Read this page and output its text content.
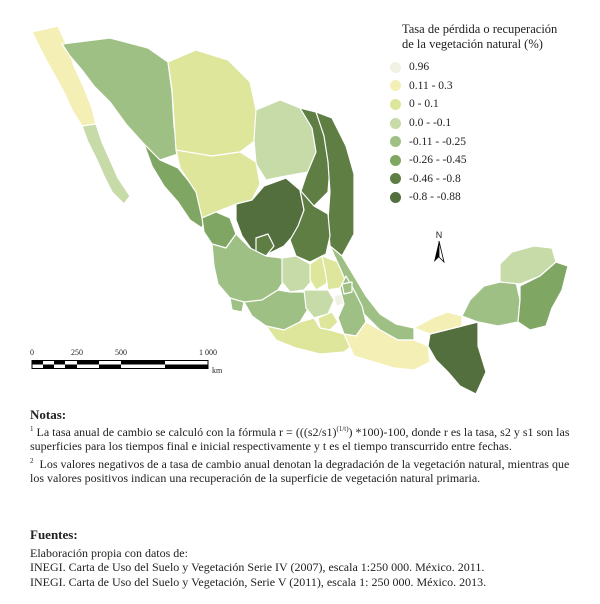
Tasa de pérdida o recuperación
de la vegetación natural (%)
0.96
0.11 - 0.3
0 - 0.1
0.0 - -0.1
-0.11 - -0.25
-0.26 - -0.45
-0.46 - -0.8
-0.8 - -0.88
0	250	500	1 000
km
N
Notas:

$^1$ La tasa anual de cambio se calculó con la fórmula $r = (((s2/s1)^{(1/t)})$ *100)-100, donde r es la tasa, s2 y s1 son las superficies para los tiempos final e inicial respectivamente y t es el tiempo transcurrido entre fechas.

$^2$ Los valores negativos de a tasa de cambio anual denotan la degradación de la vegetación natural, mientras que los valores positivos indican una recuperación de la superficie de vegetación natural primaria.

Fuentes:
Elaboración propia con datos de:
INEGI. Carta de Uso del Suelo y Vegetación Serie IV (2007), escala 1:250 000. México. 2011.
INEGI. Carta de Uso del Suelo y Vegetación, Serie V (2011), escala 1: 250 000. México. 2013.
